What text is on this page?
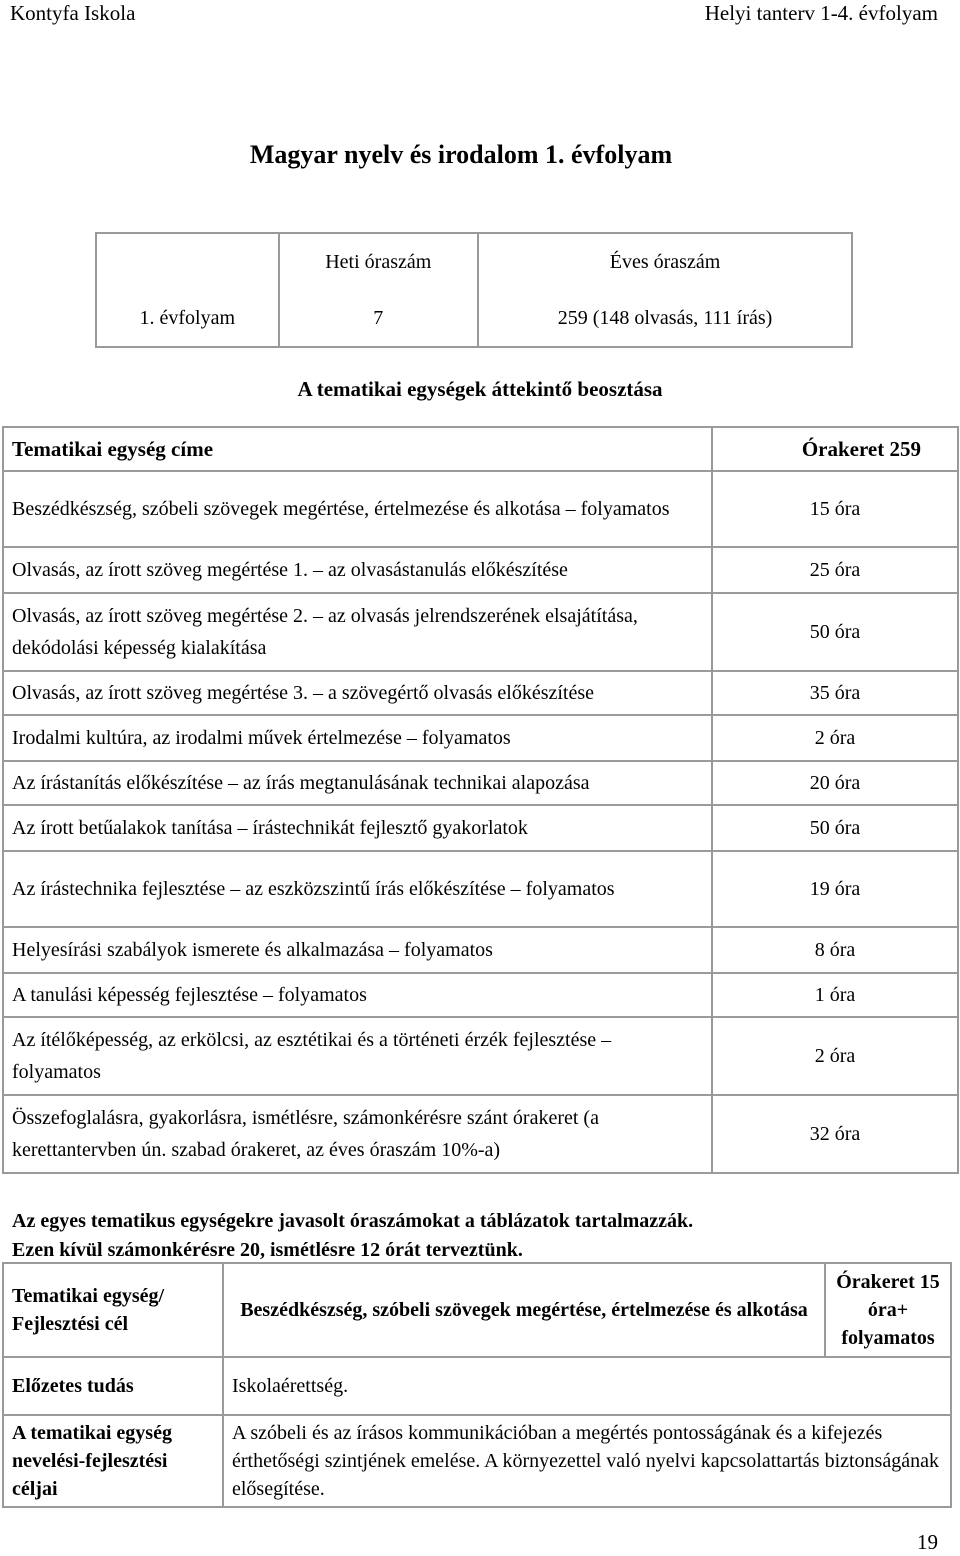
Kontyfa Iskola	Helyi tanterv 1-4. évfolyam
Magyar nyelv és irodalom 1. évfolyam
	Heti óraszám	Éves óraszám
1. évfolyam	7	259 (148 olvasás, 111 írás)
A tematikai egységek áttekintő beosztása
Tematikai egység címe	Órakeret 259
Beszédkészség, szóbeli szövegek megértése, értelmezése és alkotása – folyamatos	15 óra
Olvasás, az írott szöveg megértése 1. – az olvasástanulás előkészítése	25 óra
Olvasás, az írott szöveg megértése 2. – az olvasás jelrendszerének elsajátítása, dekódolási képesség kialakítása	50 óra
Olvasás, az írott szöveg megértése 3. – a szövegértő olvasás előkészítése	35 óra
Irodalmi kultúra, az irodalmi művek értelmezése – folyamatos	2 óra
Az írástanítás előkészítése – az írás megtanulásának technikai alapozása	20 óra
Az írott betűalakok tanítása – írástechnikát fejlesztő gyakorlatok	50 óra
Az írástechnika fejlesztése – az eszközszintű írás előkészítése – folyamatos	19 óra
Helyesírási szabályok ismerete és alkalmazása – folyamatos	8 óra
A tanulási képesség fejlesztése – folyamatos	1 óra
Az ítélőképesség, az erkölcsi, az esztétikai és a történeti érzék fejlesztése – folyamatos	2 óra
Összefoglalásra, gyakorlásra, ismétlésre, számonkérésre szánt órakeret (a kerettantervben ún. szabad órakeret, az éves óraszám 10%-a)	32 óra
Az egyes tematikus egységekre javasolt óraszámokat a táblázatok tartalmazzák.
Ezen kívül számonkérésre 20, ismétlésre 12 órát terveztünk.
Tematikai egység/ Fejlesztési cél	Beszédkészség, szóbeli szövegek megértése, értelmezése és alkotása	Órakeret 15 óra+ folyamatos
Előzetes tudás	Iskolaérettség.	
A tematikai egység nevelési-fejlesztési céljai	A szóbeli és az írásos kommunikációban a megértés pontosságának és a kifejezés érthetőségi szintjének emelése. A környezettel való nyelvi kapcsolattartás biztonságának elősegítése.	
19
